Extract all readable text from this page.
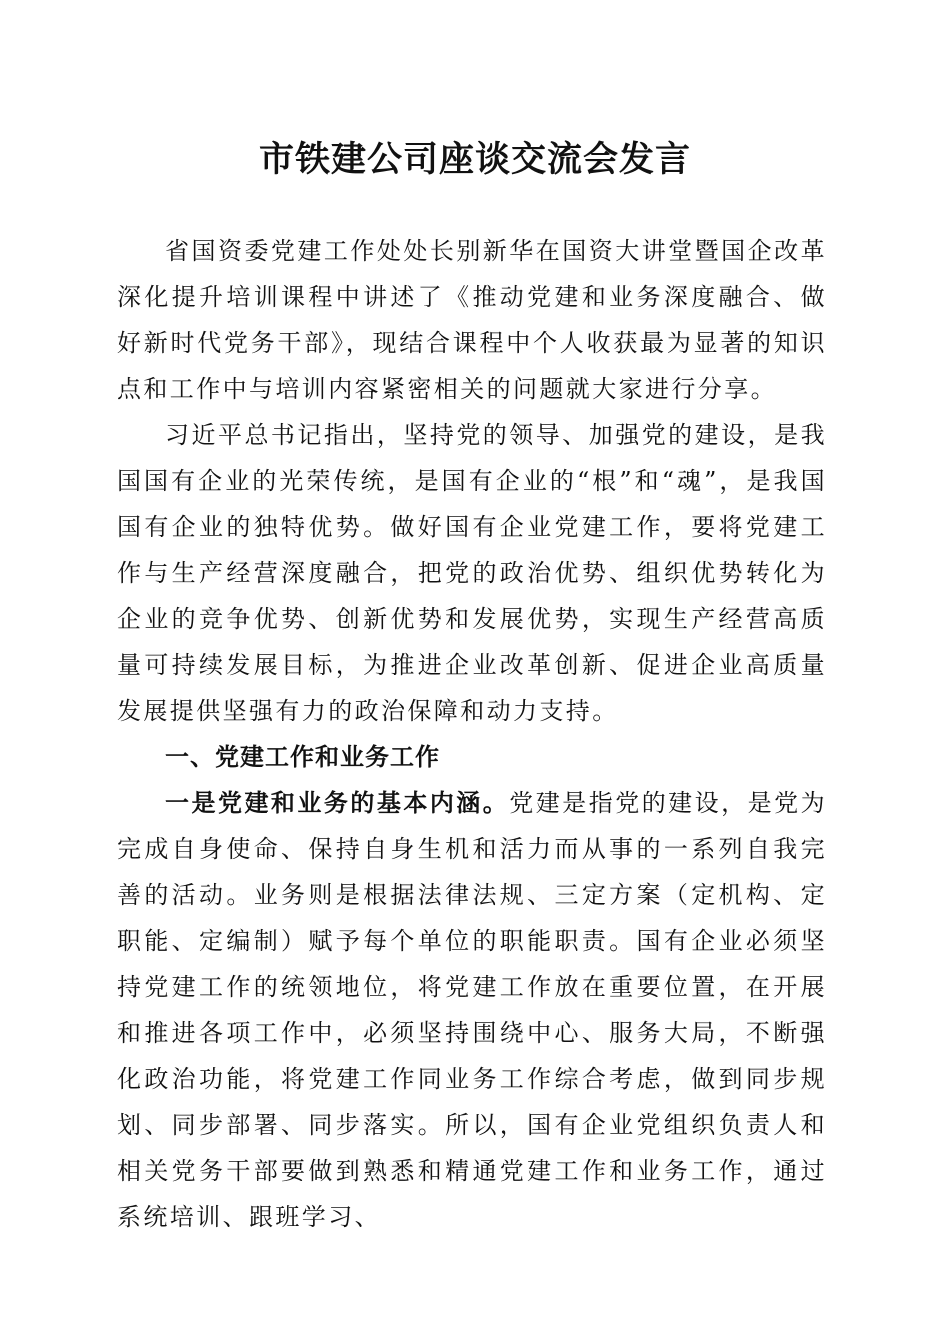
市铁建公司座谈交流会发言

省国资委党建工作处处长别新华在国资大讲堂暨国企改革深化提升培训课程中讲述了《推动党建和业务深度融合、做好新时代党务干部》，现结合课程中个人收获最为显著的知识点和工作中与培训内容紧密相关的问题就大家进行分享。

习近平总书记指出，坚持党的领导、加强党的建设，是我国国有企业的光荣传统，是国有企业的“根”和“魂”，是我国国有企业的独特优势。做好国有企业党建工作，要将党建工作与生产经营深度融合，把党的政治优势、组织优势转化为企业的竞争优势、创新优势和发展优势，实现生产经营高质量可持续发展目标，为推进企业改革创新、促进企业高质量发展提供坚强有力的政治保障和动力支持。

一、党建工作和业务工作

一是党建和业务的基本内涵。党建是指党的建设，是党为完成自身使命、保持自身生机和活力而从事的一系列自我完善的活动。业务则是根据法律法规、三定方案（定机构、定职能、定编制）赋予每个单位的职能职责。国有企业必须坚持党建工作的统领地位，将党建工作放在重要位置，在开展和推进各项工作中，必须坚持围绕中心、服务大局，不断强化政治功能，将党建工作同业务工作综合考虑，做到同步规划、同步部署、同步落实。所以，国有企业党组织负责人和相关党务干部要做到熟悉和精通党建工作和业务工作，通过系统培训、跟班学习、
